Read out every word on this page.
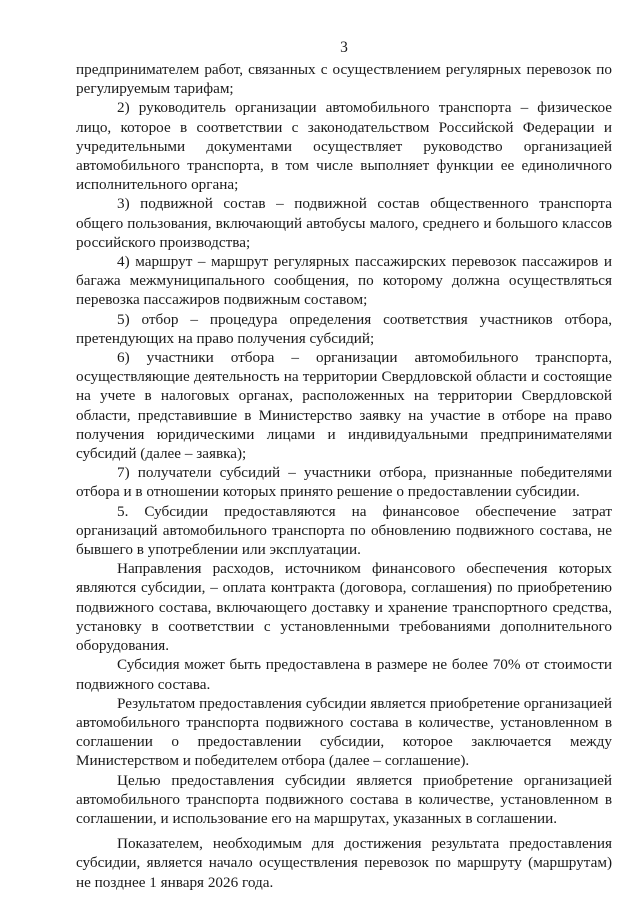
3

предпринимателем работ, связанных с осуществлением регулярных перевозок по регулируемым тарифам;

2) руководитель организации автомобильного транспорта – физическое лицо, которое в соответствии с законодательством Российской Федерации и учредительными документами осуществляет руководство организацией автомобильного транспорта, в том числе выполняет функции ее единоличного исполнительного органа;

3) подвижной состав – подвижной состав общественного транспорта общего пользования, включающий автобусы малого, среднего и большого классов российского производства;

4) маршрут – маршрут регулярных пассажирских перевозок пассажиров и багажа межмуниципального сообщения, по которому должна осуществляться перевозка пассажиров подвижным составом;

5) отбор – процедура определения соответствия участников отбора, претендующих на право получения субсидий;

6) участники отбора – организации автомобильного транспорта, осуществляющие деятельность на территории Свердловской области и состоящие на учете в налоговых органах, расположенных на территории Свердловской области, представившие в Министерство заявку на участие в отборе на право получения юридическими лицами и индивидуальными предпринимателями субсидий (далее – заявка);

7) получатели субсидий – участники отбора, признанные победителями отбора и в отношении которых принято решение о предоставлении субсидии.

5. Субсидии предоставляются на финансовое обеспечение затрат организаций автомобильного транспорта по обновлению подвижного состава, не бывшего в употреблении или эксплуатации.

Направления расходов, источником финансового обеспечения которых являются субсидии, – оплата контракта (договора, соглашения) по приобретению подвижного состава, включающего доставку и хранение транспортного средства, установку в соответствии с установленными требованиями дополнительного оборудования.

Субсидия может быть предоставлена в размере не более 70% от стоимости подвижного состава.

Результатом предоставления субсидии является приобретение организацией автомобильного транспорта подвижного состава в количестве, установленном в соглашении о предоставлении субсидии, которое заключается между Министерством и победителем отбора (далее – соглашение).

Целью предоставления субсидии является приобретение организацией автомобильного транспорта подвижного состава в количестве, установленном в соглашении, и использование его на маршрутах, указанных в соглашении.

Показателем, необходимым для достижения результата предоставления субсидии, является начало осуществления перевозок по маршруту (маршрутам) не позднее 1 января 2026 года.
